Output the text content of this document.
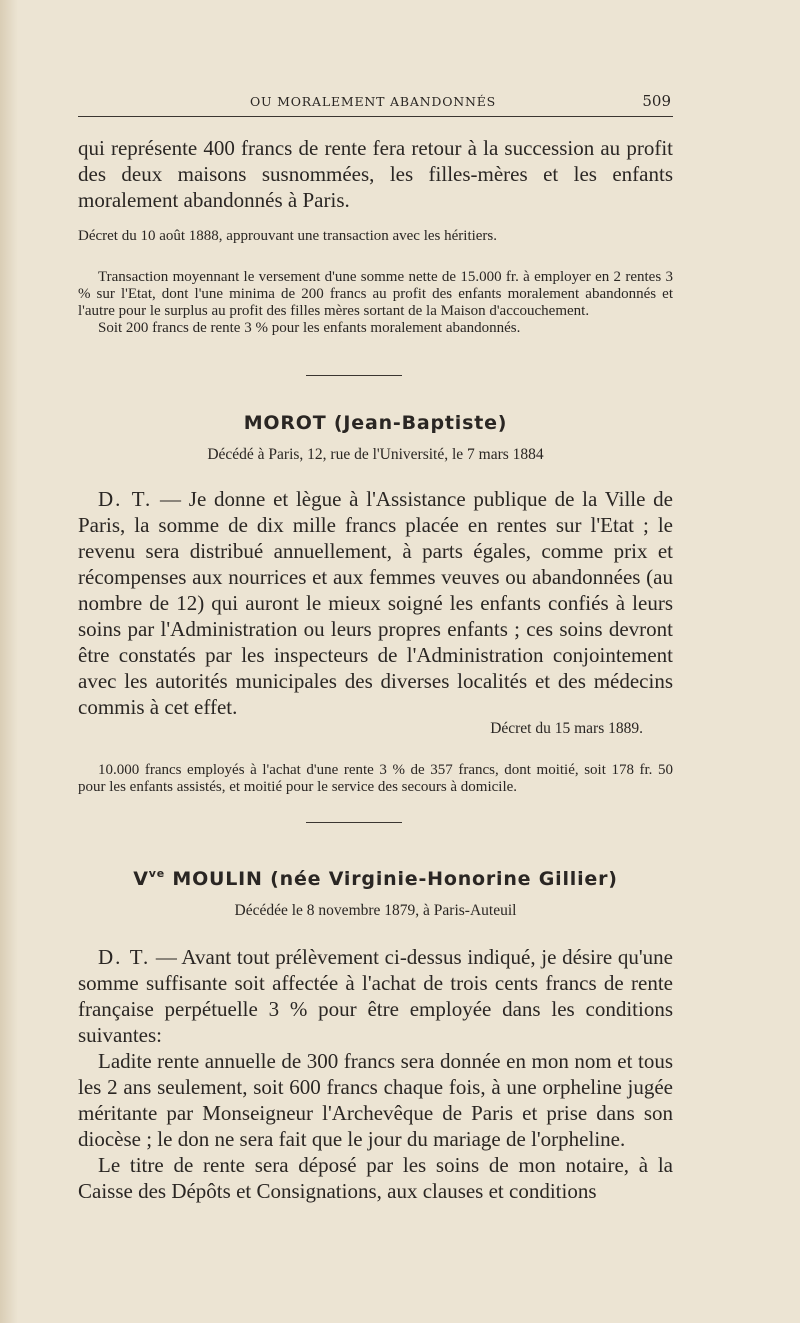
OU MORALEMENT ABANDONNÉS	509

qui représente 400 francs de rente fera retour à la succession au profit des deux maisons susnommées, les filles-mères et les enfants moralement abandonnés à Paris.

Décret du 10 août 1888, approuvant une transaction avec les héritiers.

Transaction moyennant le versement d'une somme nette de 15.000 fr. à employer en 2 rentes 3 % sur l'Etat, dont l'une minima de 200 francs au profit des enfants moralement abandonnés et l'autre pour le surplus au profit des filles mères sortant de la Maison d'accouchement.

Soit 200 francs de rente 3 % pour les enfants moralement abandonnés.

MOROT (Jean-Baptiste)

Décédé à Paris, 12, rue de l'Université, le 7 mars 1884

D. T. — Je donne et lègue à l'Assistance publique de la Ville de Paris, la somme de dix mille francs placée en rentes sur l'Etat ; le revenu sera distribué annuellement, à parts égales, comme prix et récompenses aux nourrices et aux femmes veuves ou abandonnées (au nombre de 12) qui auront le mieux soigné les enfants confiés à leurs soins par l'Administration ou leurs propres enfants ; ces soins devront être constatés par les inspecteurs de l'Administration conjointement avec les autorités municipales des diverses localités et des médecins commis à cet effet.

Décret du 15 mars 1889.

10.000 francs employés à l'achat d'une rente 3 % de 357 francs, dont moitié, soit 178 fr. 50 pour les enfants assistés, et moitié pour le service des secours à domicile.

$V^{ve}$ MOULIN (née Virginie-Honorine Gillier)

Décédée le 8 novembre 1879, à Paris-Auteuil

D. T. — Avant tout prélèvement ci-dessus indiqué, je désire qu'une somme suffisante soit affectée à l'achat de trois cents francs de rente française perpétuelle 3 % pour être employée dans les conditions suivantes:

Ladite rente annuelle de 300 francs sera donnée en mon nom et tous les 2 ans seulement, soit 600 francs chaque fois, à une orpheline jugée méritante par Monseigneur l'Archevêque de Paris et prise dans son diocèse ; le don ne sera fait que le jour du mariage de l'orpheline.

Le titre de rente sera déposé par les soins de mon notaire, à la Caisse des Dépôts et Consignations, aux clauses et conditions
